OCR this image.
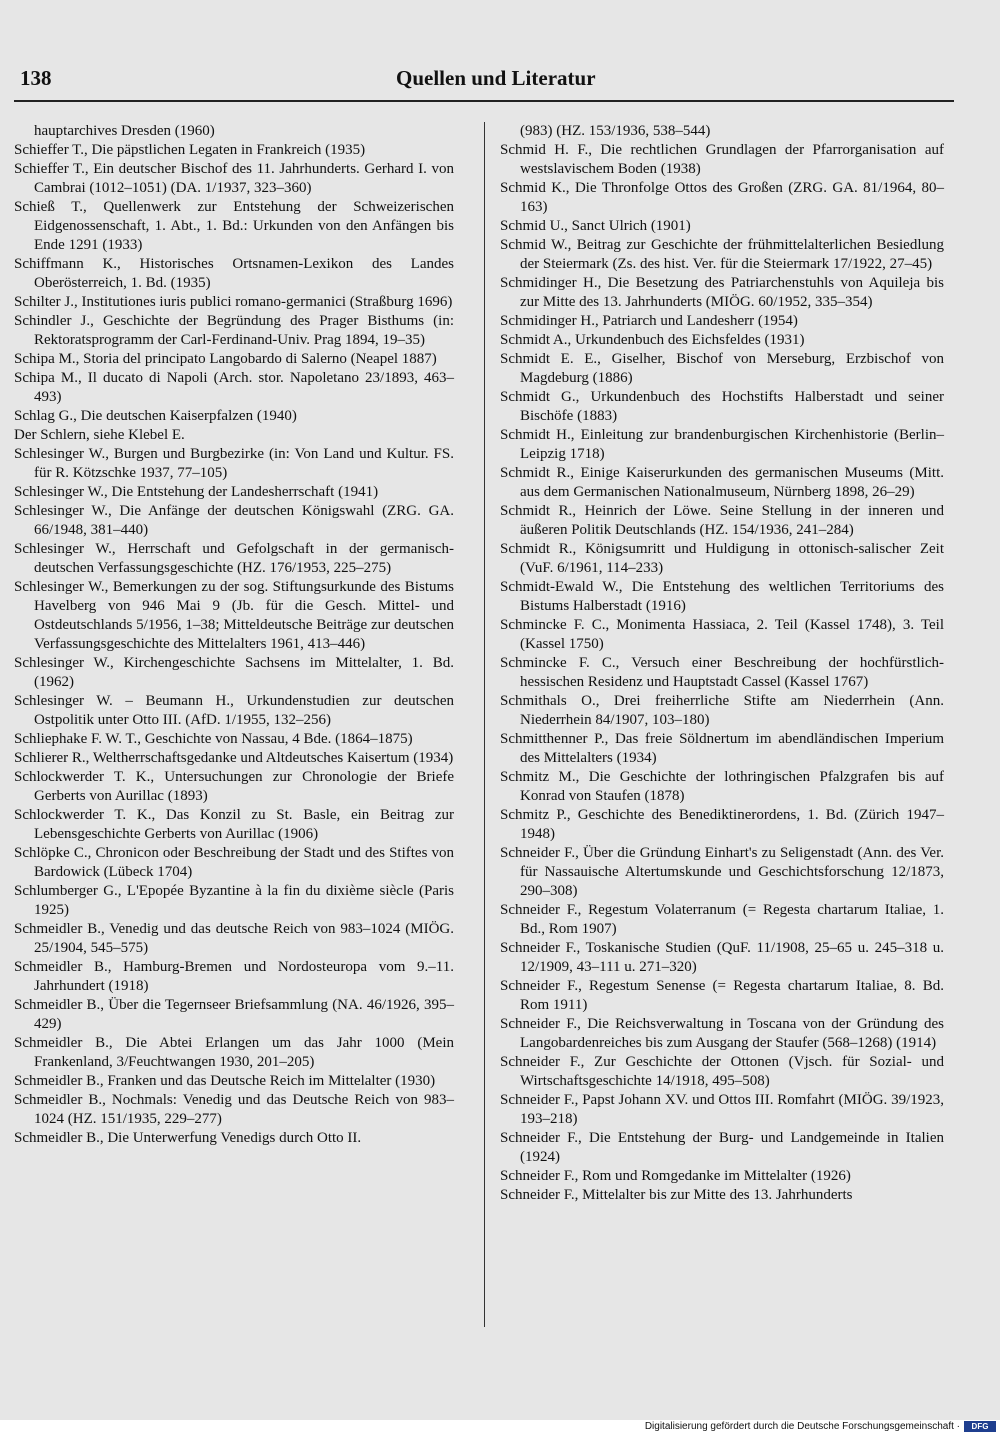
138	Quellen und Literatur
hauptarchives Dresden (1960)
Schieffer T., Die päpstlichen Legaten in Frankreich (1935)
Schieffer T., Ein deutscher Bischof des 11. Jahrhunderts. Gerhard I. von Cambrai (1012–1051) (DA. 1/1937, 323–360)
Schieß T., Quellenwerk zur Entstehung der Schweizerischen Eidgenossenschaft, 1. Abt., 1. Bd.: Urkunden von den Anfängen bis Ende 1291 (1933)
Schiffmann K., Historisches Ortsnamen-Lexikon des Landes Oberösterreich, 1. Bd. (1935)
Schilter J., Institutiones iuris publici romano-germanici (Straßburg 1696)
Schindler J., Geschichte der Begründung des Prager Bisthums (in: Rektoratsprogramm der Carl-Ferdinand-Univ. Prag 1894, 19–35)
Schipa M., Storia del principato Langobardo di Salerno (Neapel 1887)
Schipa M., Il ducato di Napoli (Arch. stor. Napoletano 23/1893, 463–493)
Schlag G., Die deutschen Kaiserpfalzen (1940)
Der Schlern, siehe Klebel E.
Schlesinger W., Burgen und Burgbezirke (in: Von Land und Kultur. FS. für R. Kötzschke 1937, 77–105)
Schlesinger W., Die Entstehung der Landesherrschaft (1941)
Schlesinger W., Die Anfänge der deutschen Königswahl (ZRG. GA. 66/1948, 381–440)
Schlesinger W., Herrschaft und Gefolgschaft in der germanisch-deutschen Verfassungsgeschichte (HZ. 176/1953, 225–275)
Schlesinger W., Bemerkungen zu der sog. Stiftungsurkunde des Bistums Havelberg von 946 Mai 9 (Jb. für die Gesch. Mittel- und Ostdeutschlands 5/1956, 1–38; Mitteldeutsche Beiträge zur deutschen Verfassungsgeschichte des Mittelalters 1961, 413–446)
Schlesinger W., Kirchengeschichte Sachsens im Mittelalter, 1. Bd. (1962)
Schlesinger W. – Beumann H., Urkundenstudien zur deutschen Ostpolitik unter Otto III. (AfD. 1/1955, 132–256)
Schliephake F. W. T., Geschichte von Nassau, 4 Bde. (1864–1875)
Schlierer R., Weltherrschaftsgedanke und Altdeutsches Kaisertum (1934)
Schlockwerder T. K., Untersuchungen zur Chronologie der Briefe Gerberts von Aurillac (1893)
Schlockwerder T. K., Das Konzil zu St. Basle, ein Beitrag zur Lebensgeschichte Gerberts von Aurillac (1906)
Schlöpke C., Chronicon oder Beschreibung der Stadt und des Stiftes von Bardowick (Lübeck 1704)
Schlumberger G., L'Epopée Byzantine à la fin du dixième siècle (Paris 1925)
Schmeidler B., Venedig und das deutsche Reich von 983–1024 (MIÖG. 25/1904, 545–575)
Schmeidler B., Hamburg-Bremen und Nordosteuropa vom 9.–11. Jahrhundert (1918)
Schmeidler B., Über die Tegernseer Briefsammlung (NA. 46/1926, 395–429)
Schmeidler B., Die Abtei Erlangen um das Jahr 1000 (Mein Frankenland, 3/Feuchtwangen 1930, 201–205)
Schmeidler B., Franken und das Deutsche Reich im Mittelalter (1930)
Schmeidler B., Nochmals: Venedig und das Deutsche Reich von 983–1024 (HZ. 151/1935, 229–277)
Schmeidler B., Die Unterwerfung Venedigs durch Otto II.
(983) (HZ. 153/1936, 538–544)
Schmid H. F., Die rechtlichen Grundlagen der Pfarrorganisation auf westslavischem Boden (1938)
Schmid K., Die Thronfolge Ottos des Großen (ZRG. GA. 81/1964, 80–163)
Schmid U., Sanct Ulrich (1901)
Schmid W., Beitrag zur Geschichte der frühmittelalterlichen Besiedlung der Steiermark (Zs. des hist. Ver. für die Steiermark 17/1922, 27–45)
Schmidinger H., Die Besetzung des Patriarchenstuhls von Aquileja bis zur Mitte des 13. Jahrhunderts (MIÖG. 60/1952, 335–354)
Schmidinger H., Patriarch und Landesherr (1954)
Schmidt A., Urkundenbuch des Eichsfeldes (1931)
Schmidt E. E., Giselher, Bischof von Merseburg, Erzbischof von Magdeburg (1886)
Schmidt G., Urkundenbuch des Hochstifts Halberstadt und seiner Bischöfe (1883)
Schmidt H., Einleitung zur brandenburgischen Kirchenhistorie (Berlin–Leipzig 1718)
Schmidt R., Einige Kaiserurkunden des germanischen Museums (Mitt. aus dem Germanischen Nationalmuseum, Nürnberg 1898, 26–29)
Schmidt R., Heinrich der Löwe. Seine Stellung in der inneren und äußeren Politik Deutschlands (HZ. 154/1936, 241–284)
Schmidt R., Königsumritt und Huldigung in ottonisch-salischer Zeit (VuF. 6/1961, 114–233)
Schmidt-Ewald W., Die Entstehung des weltlichen Territoriums des Bistums Halberstadt (1916)
Schmincke F. C., Monimenta Hassiaca, 2. Teil (Kassel 1748), 3. Teil (Kassel 1750)
Schmincke F. C., Versuch einer Beschreibung der hochfürstlich-hessischen Residenz und Hauptstadt Cassel (Kassel 1767)
Schmithals O., Drei freiherrliche Stifte am Niederrhein (Ann. Niederrhein 84/1907, 103–180)
Schmitthenner P., Das freie Söldnertum im abendländischen Imperium des Mittelalters (1934)
Schmitz M., Die Geschichte der lothringischen Pfalzgrafen bis auf Konrad von Staufen (1878)
Schmitz P., Geschichte des Benediktinerordens, 1. Bd. (Zürich 1947–1948)
Schneider F., Über die Gründung Einhart's zu Seligenstadt (Ann. des Ver. für Nassauische Altertumskunde und Geschichtsforschung 12/1873, 290–308)
Schneider F., Regestum Volaterranum (= Regesta chartarum Italiae, 1. Bd., Rom 1907)
Schneider F., Toskanische Studien (QuF. 11/1908, 25–65 u. 245–318 u. 12/1909, 43–111 u. 271–320)
Schneider F., Regestum Senense (= Regesta chartarum Italiae, 8. Bd. Rom 1911)
Schneider F., Die Reichsverwaltung in Toscana von der Gründung des Langobardenreiches bis zum Ausgang der Staufer (568–1268) (1914)
Schneider F., Zur Geschichte der Ottonen (Vjsch. für Sozial- und Wirtschaftsgeschichte 14/1918, 495–508)
Schneider F., Papst Johann XV. und Ottos III. Romfahrt (MIÖG. 39/1923, 193–218)
Schneider F., Die Entstehung der Burg- und Landgemeinde in Italien (1924)
Schneider F., Rom und Romgedanke im Mittelalter (1926)
Schneider F., Mittelalter bis zur Mitte des 13. Jahrhunderts
Digitalisierung gefördert durch die Deutsche Forschungsgemeinschaft ·	DFG
